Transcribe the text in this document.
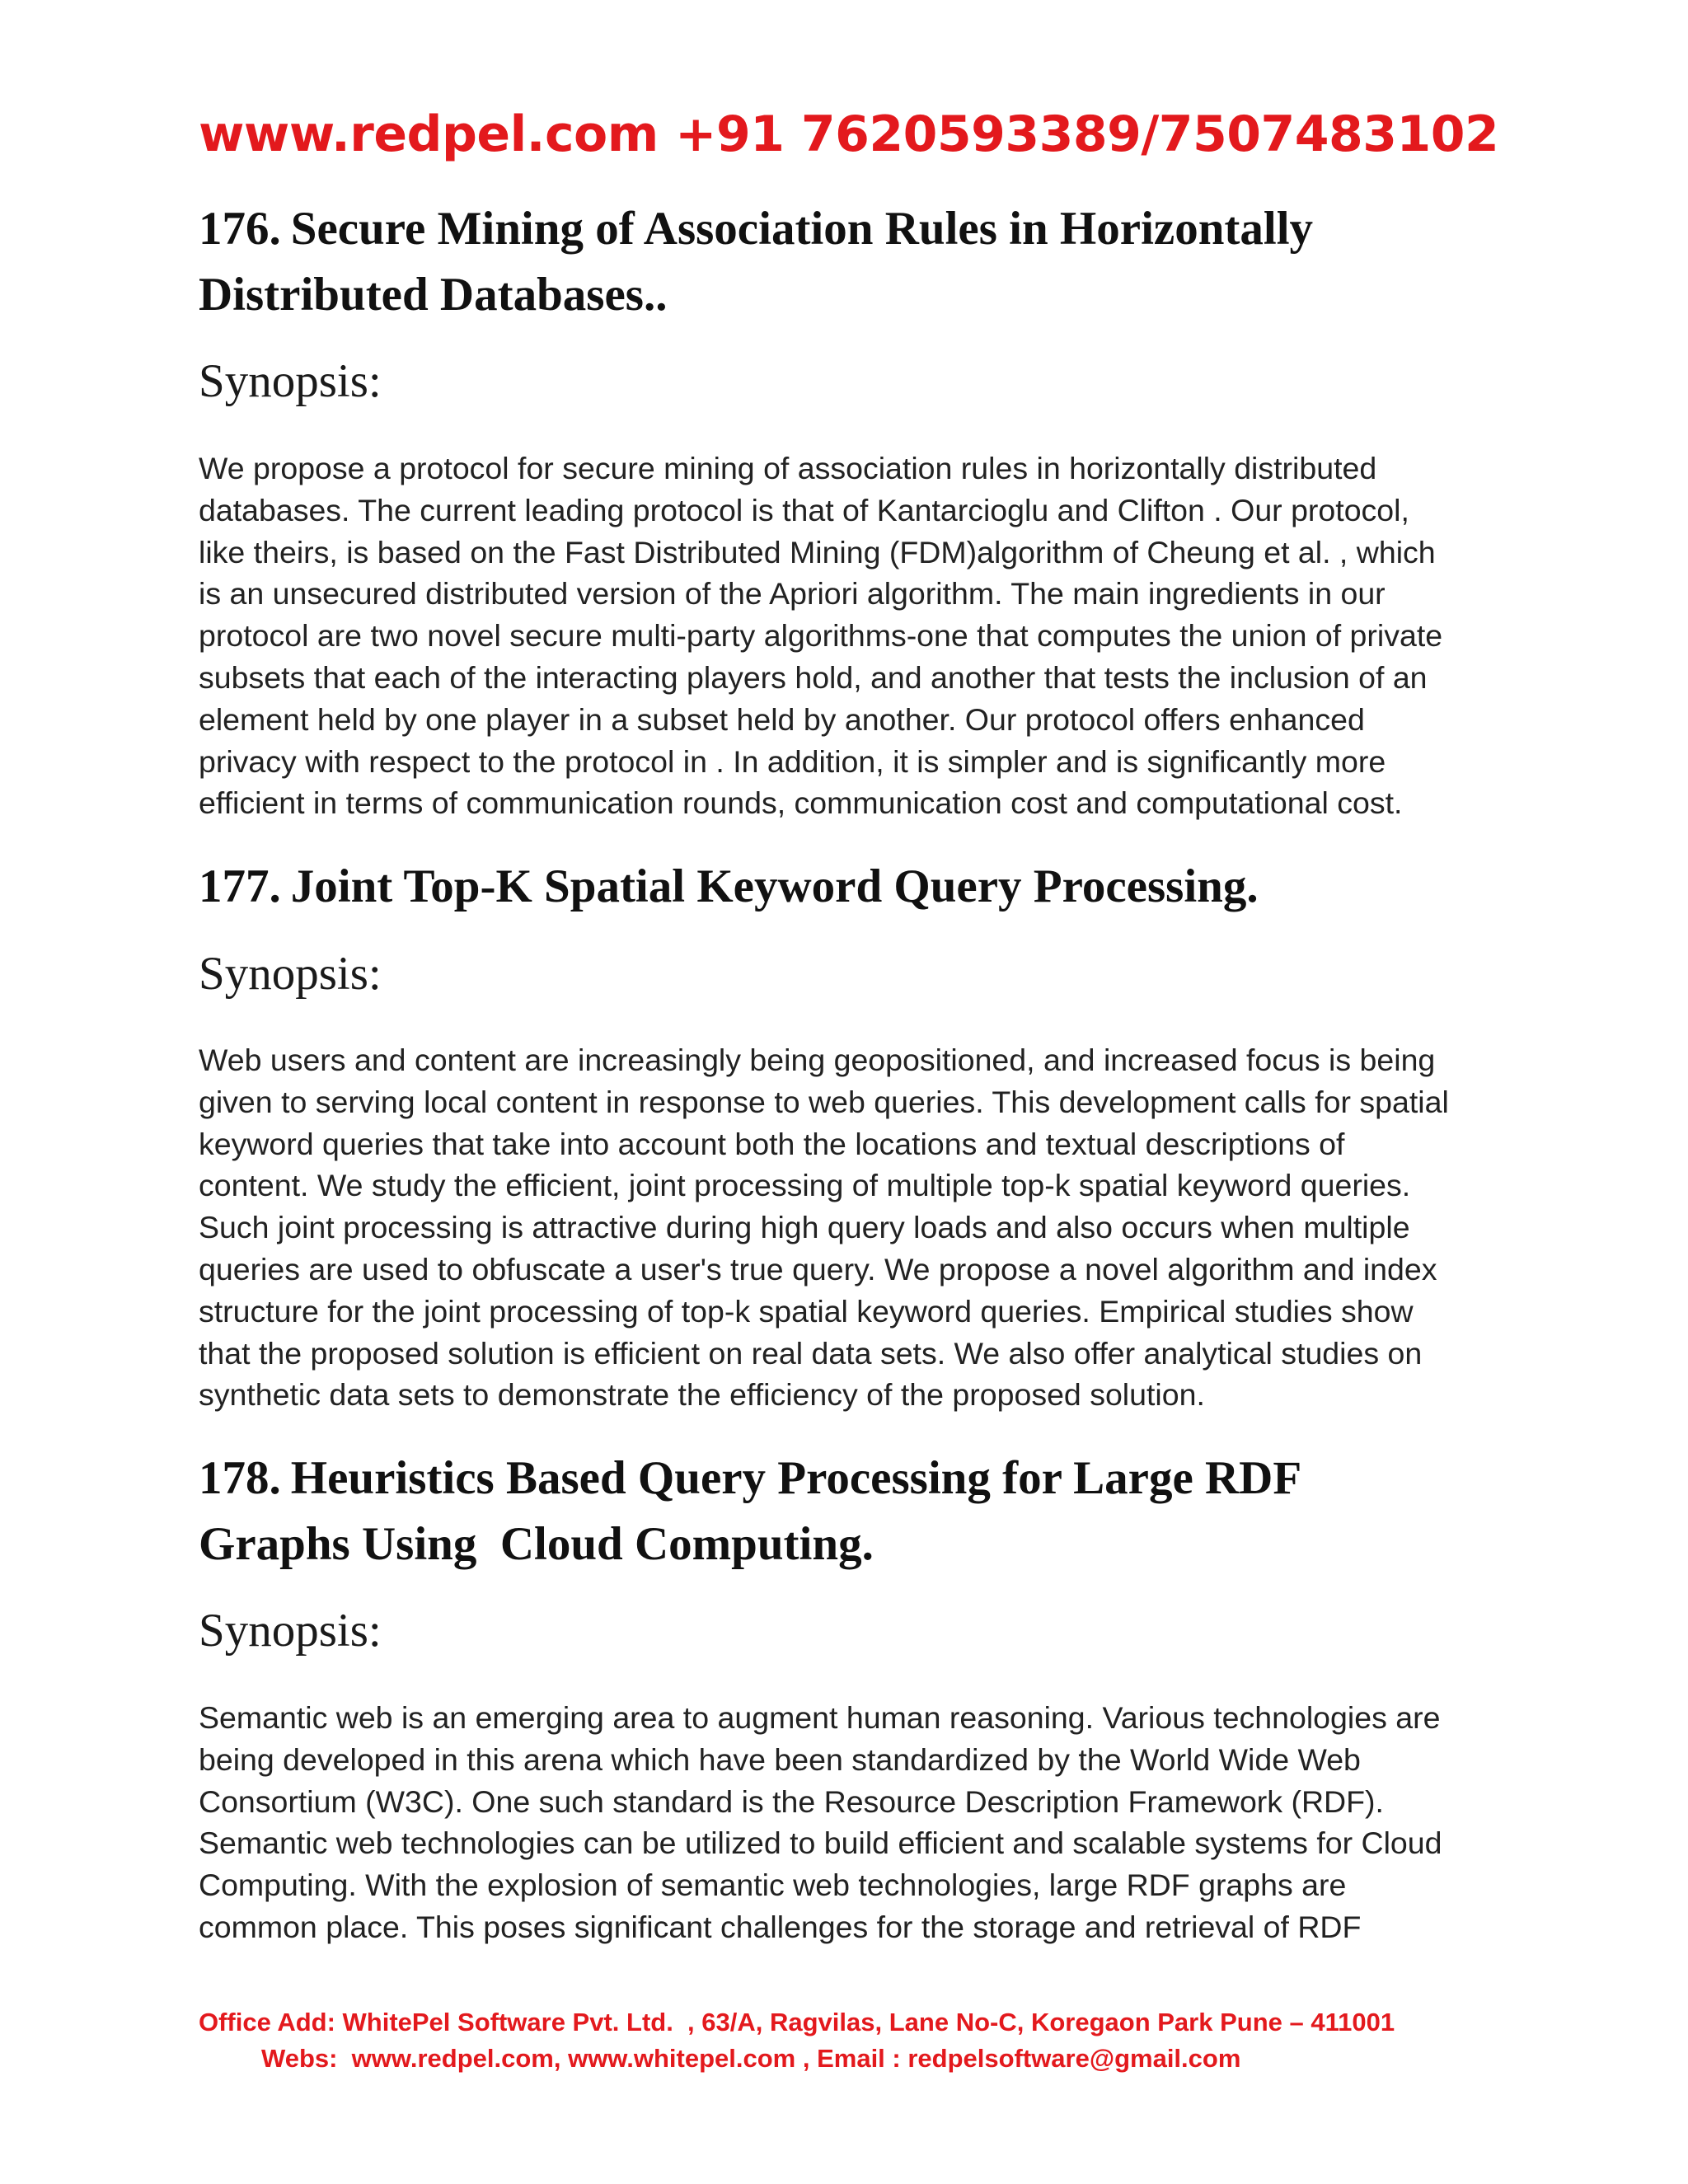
www.redpel.com +91 7620593389/7507483102
176. Secure Mining of Association Rules in Horizontally
Distributed Databases..
Synopsis:
We propose a protocol for secure mining of association rules in horizontally distributed
databases. The current leading protocol is that of Kantarcioglu and Clifton . Our protocol,
like theirs, is based on the Fast Distributed Mining (FDM)algorithm of Cheung et al. , which
is an unsecured distributed version of the Apriori algorithm. The main ingredients in our
protocol are two novel secure multi-party algorithms-one that computes the union of private
subsets that each of the interacting players hold, and another that tests the inclusion of an
element held by one player in a subset held by another. Our protocol offers enhanced
privacy with respect to the protocol in . In addition, it is simpler and is significantly more
efficient in terms of communication rounds, communication cost and computational cost.
177. Joint Top-K Spatial Keyword Query Processing.
Synopsis:
Web users and content are increasingly being geopositioned, and increased focus is being
given to serving local content in response to web queries. This development calls for spatial
keyword queries that take into account both the locations and textual descriptions of
content. We study the efficient, joint processing of multiple top-k spatial keyword queries.
Such joint processing is attractive during high query loads and also occurs when multiple
queries are used to obfuscate a user's true query. We propose a novel algorithm and index
structure for the joint processing of top-k spatial keyword queries. Empirical studies show
that the proposed solution is efficient on real data sets. We also offer analytical studies on
synthetic data sets to demonstrate the efficiency of the proposed solution.
178. Heuristics Based Query Processing for Large RDF
Graphs Using  Cloud Computing.
Synopsis:
Semantic web is an emerging area to augment human reasoning. Various technologies are
being developed in this arena which have been standardized by the World Wide Web
Consortium (W3C). One such standard is the Resource Description Framework (RDF).
Semantic web technologies can be utilized to build efficient and scalable systems for Cloud
Computing. With the explosion of semantic web technologies, large RDF graphs are
common place. This poses significant challenges for the storage and retrieval of RDF
Office Add: WhitePel Software Pvt. Ltd.  , 63/A, Ragvilas, Lane No-C, Koregaon Park Pune – 411001
Webs:  www.redpel.com, www.whitepel.com , Email : redpelsoftware@gmail.com
